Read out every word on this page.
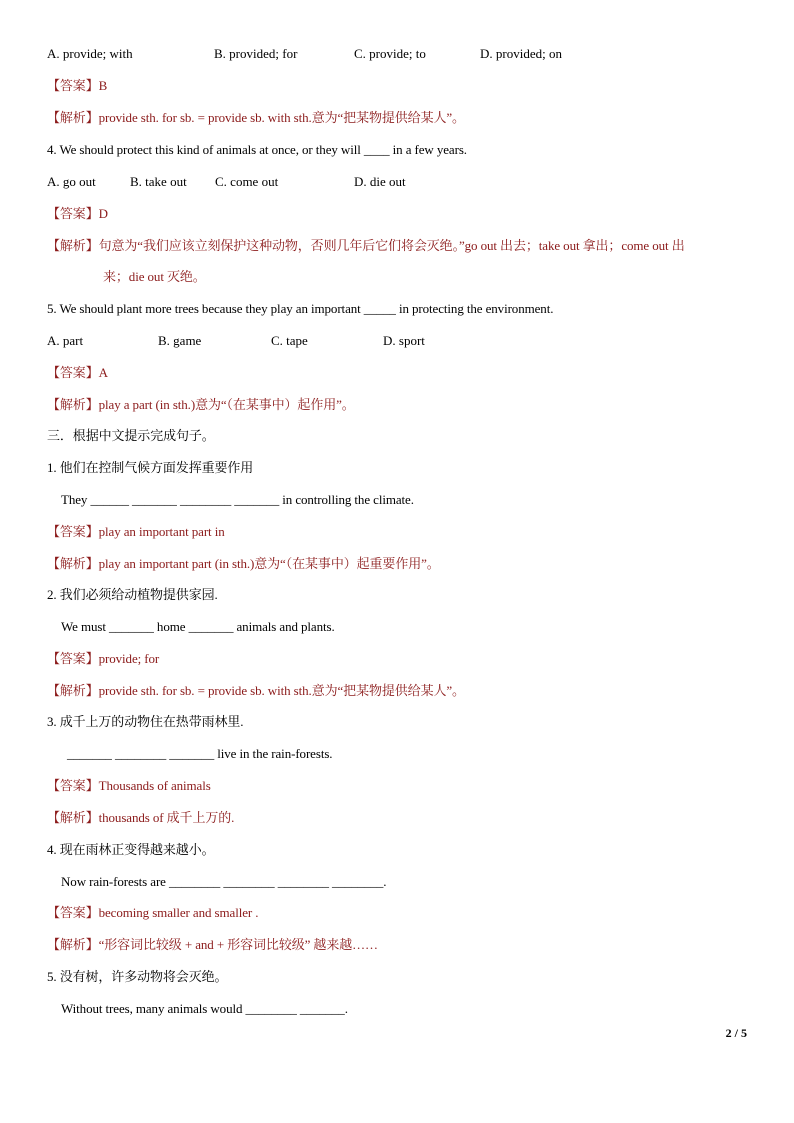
A. provide; with	B. provided; for	C. provide; to	D. provided; on
【答案】B
【解析】provide sth. for sb. = provide sb. with sth.意为“把某物提供给某人”。
4. We should protect this kind of animals at once, or they will ____ in a few years.
A. go out	B. take out C. come out	D. die out
【答案】D
【解析】句意为“我们应该立刻保护这种动物，否则几年后它们将会灭绝。”go out 出去；take out 拿出；come out 出
来；die out 灭绝。
5. We should plant more trees because they play an important _____ in protecting the environment.
A. part	B. game	C. tape	D. sport
【答案】A
【解析】play a part (in sth.)意为“（在某事中）起作用”。
三．根据中文提示完成句子。
1. 他们在控制气候方面发挥重要作用
They ______ _______ ________ _______ in controlling the climate.
【答案】play an important part in
【解析】play an important part (in sth.)意为“（在某事中）起重要作用”。
2. 我们必须给动植物提供家园.
We must _______ home _______ animals and plants.
【答案】provide; for
【解析】provide sth. for sb. = provide sb. with sth.意为“把某物提供给某人”。
3. 成千上万的动物住在热带雨林里.
_______ ________ _______ live in the rain-forests.
【答案】Thousands of animals
【解析】thousands of 成千上万的.
4. 现在雨林正变得越来越小。
Now rain-forests are ________ ________ ________ ________.
【答案】becoming smaller and smaller .
【解析】“形容词比较级 + and + 形容词比较级” 越来越……
5. 没有树，许多动物将会灭绝。
Without trees, many animals would ________ _______.
2 / 5
